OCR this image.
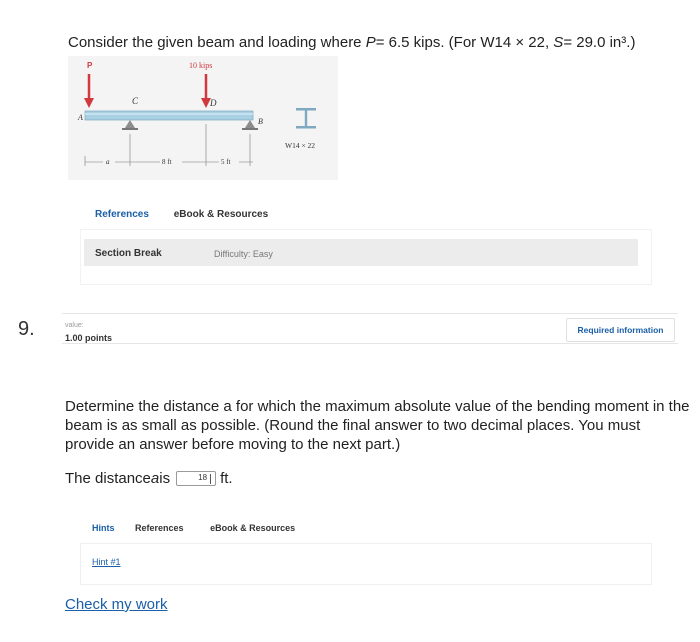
Consider the given beam and loading where P= 6.5 kips. (For W14 × 22, S= 29.0 in³.)
P	10 kips
C	D
A	B
a	8 ft	5 ft
W14 × 22
References eBook & Resources
Section Break	Difficulty: Easy
9.	value:
1.00 points
Required information
Determine the distance a for which the maximum absolute value of the bending moment in the beam is as small as possible. (Round the final answer to two decimal places. You must provide an answer before moving to the next part.)
The distance a is	18 ft.
Hints References	eBook & Resources
Hint #1
Check my work
